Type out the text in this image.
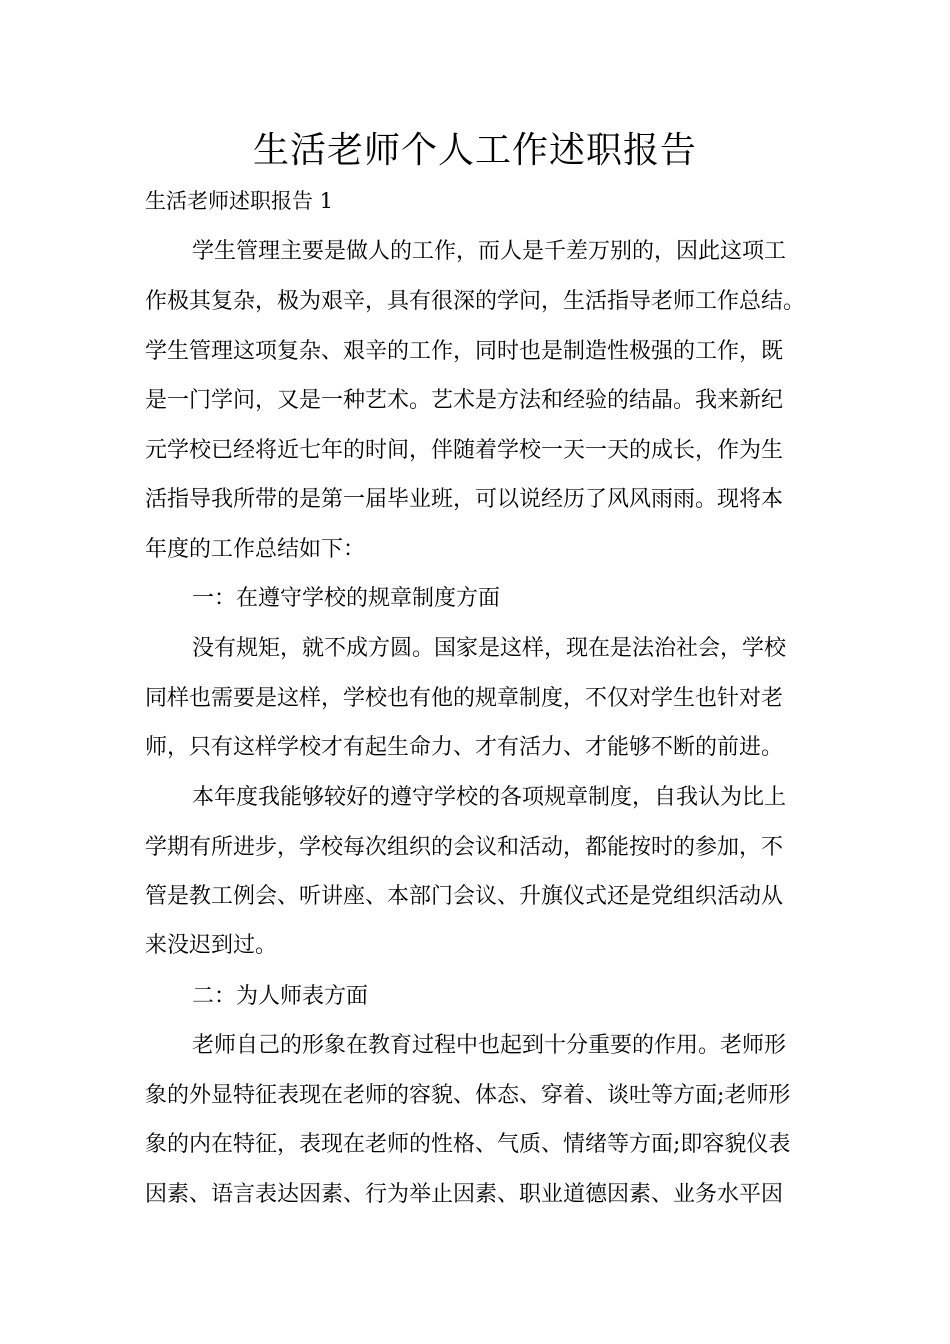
生活老师个人工作述职报告

生活老师述职报告 1

学生管理主要是做人的工作，而人是千差万别的，因此这项工

作极其复杂，极为艰辛，具有很深的学问，生活指导老师工作总结。

学生管理这项复杂、艰辛的工作，同时也是制造性极强的工作，既

是一门学问，又是一种艺术。艺术是方法和经验的结晶。我来新纪

元学校已经将近七年的时间，伴随着学校一天一天的成长，作为生

活指导我所带的是第一届毕业班，可以说经历了风风雨雨。现将本

年度的工作总结如下：

一：在遵守学校的规章制度方面

没有规矩，就不成方圆。国家是这样，现在是法治社会，学校

同样也需要是这样，学校也有他的规章制度，不仅对学生也针对老

师，只有这样学校才有起生命力、才有活力、才能够不断的前进。

本年度我能够较好的遵守学校的各项规章制度，自我认为比上

学期有所进步，学校每次组织的会议和活动，都能按时的参加，不

管是教工例会、听讲座、本部门会议、升旗仪式还是党组织活动从

来没迟到过。

二：为人师表方面

老师自己的形象在教育过程中也起到十分重要的作用。老师形

象的外显特征表现在老师的容貌、体态、穿着、谈吐等方面;老师形

象的内在特征，表现在老师的性格、气质、情绪等方面;即容貌仪表

因素、语言表达因素、行为举止因素、职业道德因素、业务水平因
